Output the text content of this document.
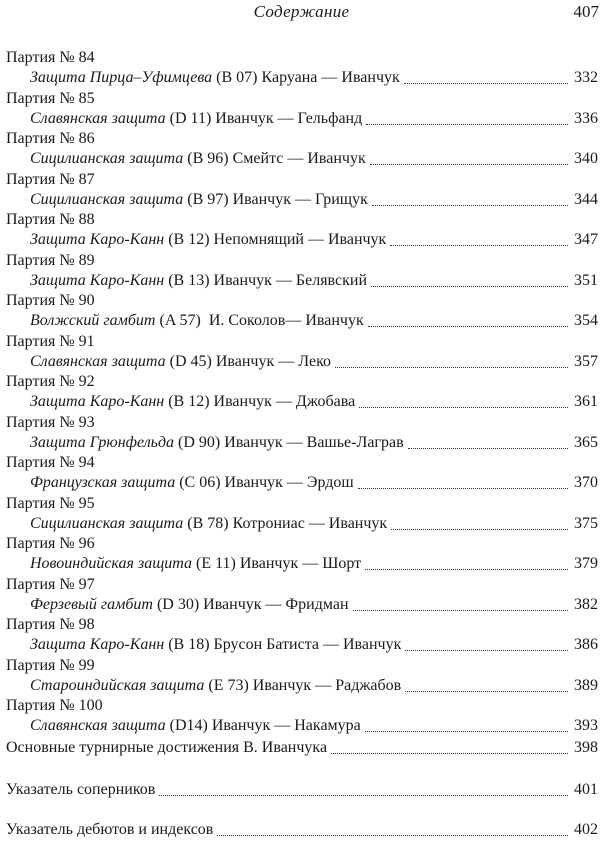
Содержание	407
Партия № 84
Защита Пирца–Уфимцева (B 07) Каруана — Иванчук	332
Партия № 85
Славянская защита (D 11) Иванчук — Гельфанд	336
Партия № 86
Сицилианская защита (B 96) Смейтс — Иванчук	340
Партия № 87
Сицилианская защита (B 97) Иванчук — Грищук	344
Партия № 88
Защита Каро-Канн (B 12) Непомнящий — Иванчук	347
Партия № 89
Защита Каро-Канн (B 13) Иванчук — Белявский	351
Партия № 90
Волжский гамбит (A 57)  И. Соколов— Иванчук	354
Партия № 91
Славянская защита (D 45) Иванчук — Леко	357
Партия № 92
Защита Каро-Канн (B 12) Иванчук — Джобава	361
Партия № 93
Защита Грюнфельда (D 90) Иванчук — Вашье-Лаграв	365
Партия № 94
Французская защита (C 06) Иванчук — Эрдош	370
Партия № 95
Сицилианская защита (B 78) Котрониас — Иванчук	375
Партия № 96
Новоиндийская защита (E 11) Иванчук — Шорт	379
Партия № 97
Ферзевый гамбит (D 30) Иванчук — Фридман	382
Партия № 98
Защита Каро-Канн (B 18) Брусон Батиста — Иванчук	386
Партия № 99
Староиндийская защита (E 73) Иванчук — Раджабов	389
Партия № 100
Славянская защита (D14) Иванчук — Накамура	393
Основные турнирные достижения В. Иванчука	398
Указатель соперников	401
Указатель дебютов и индексов	402
